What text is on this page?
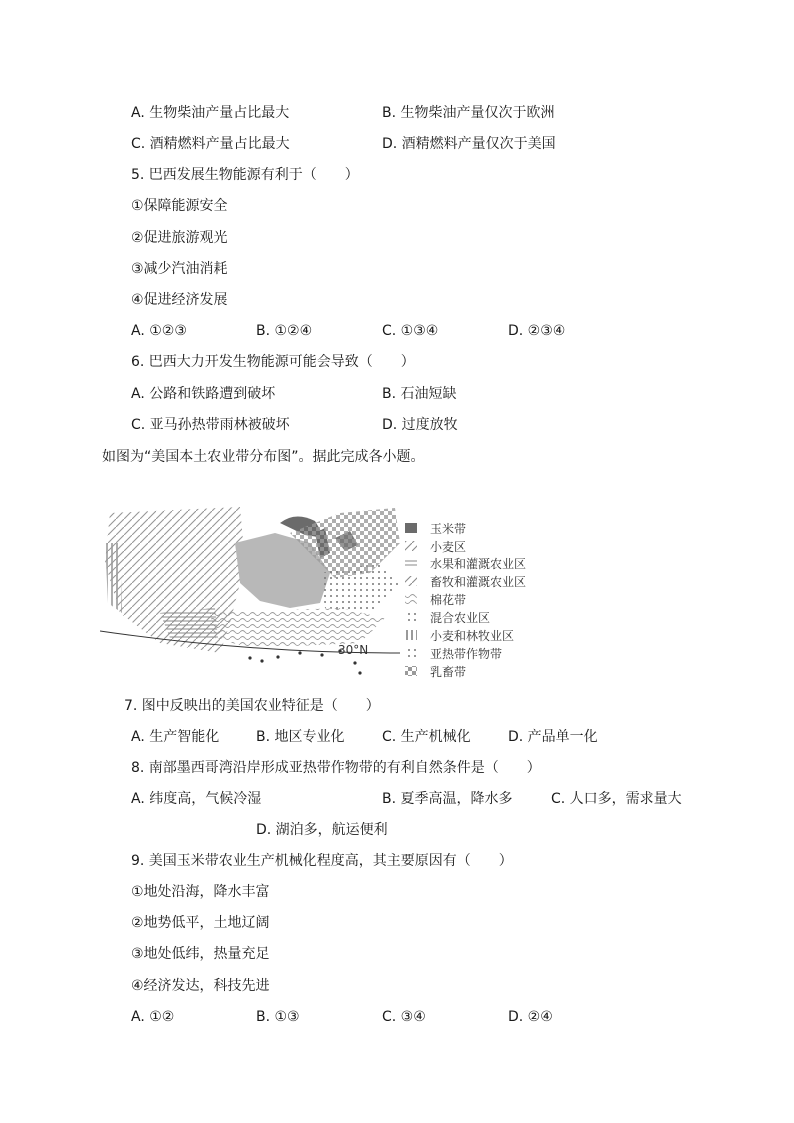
A. 生物柴油产量占比最大	B. 生物柴油产量仅次于欧洲
C. 酒精燃料产量占比最大	D. 酒精燃料产量仅次于美国
5. 巴西发展生物能源有利于（　　）
①保障能源安全
②促进旅游观光
③减少汽油消耗
④促进经济发展
A. ①②③	B. ①②④	C. ①③④	D. ②③④
6. 巴西大力开发生物能源可能会导致（　　）
A. 公路和铁路遭到破坏	B. 石油短缺
C. 亚马孙热带雨林被破坏	D. 过度放牧
如图为“美国本土农业带分布图”。据此完成各小题。
30°N
玉米带
小麦区
水果和灌溉农业区
畜牧和灌溉农业区
棉花带
混合农业区
小麦和林牧业区
亚热带作物带
乳畜带
7. 图中反映出的美国农业特征是（　　）
A. 生产智能化	B. 地区专业化	C. 生产机械化	D. 产品单一化
8. 南部墨西哥湾沿岸形成亚热带作物带的有利自然条件是（　　）
A. 纬度高，气候冷湿	B. 夏季高温，降水多	C. 人口多，需求量大
D. 湖泊多，航运便利
9. 美国玉米带农业生产机械化程度高，其主要原因有（　　）
①地处沿海，降水丰富
②地势低平，土地辽阔
③地处低纬，热量充足
④经济发达，科技先进
A. ①②	B. ①③	C. ③④	D. ②④
